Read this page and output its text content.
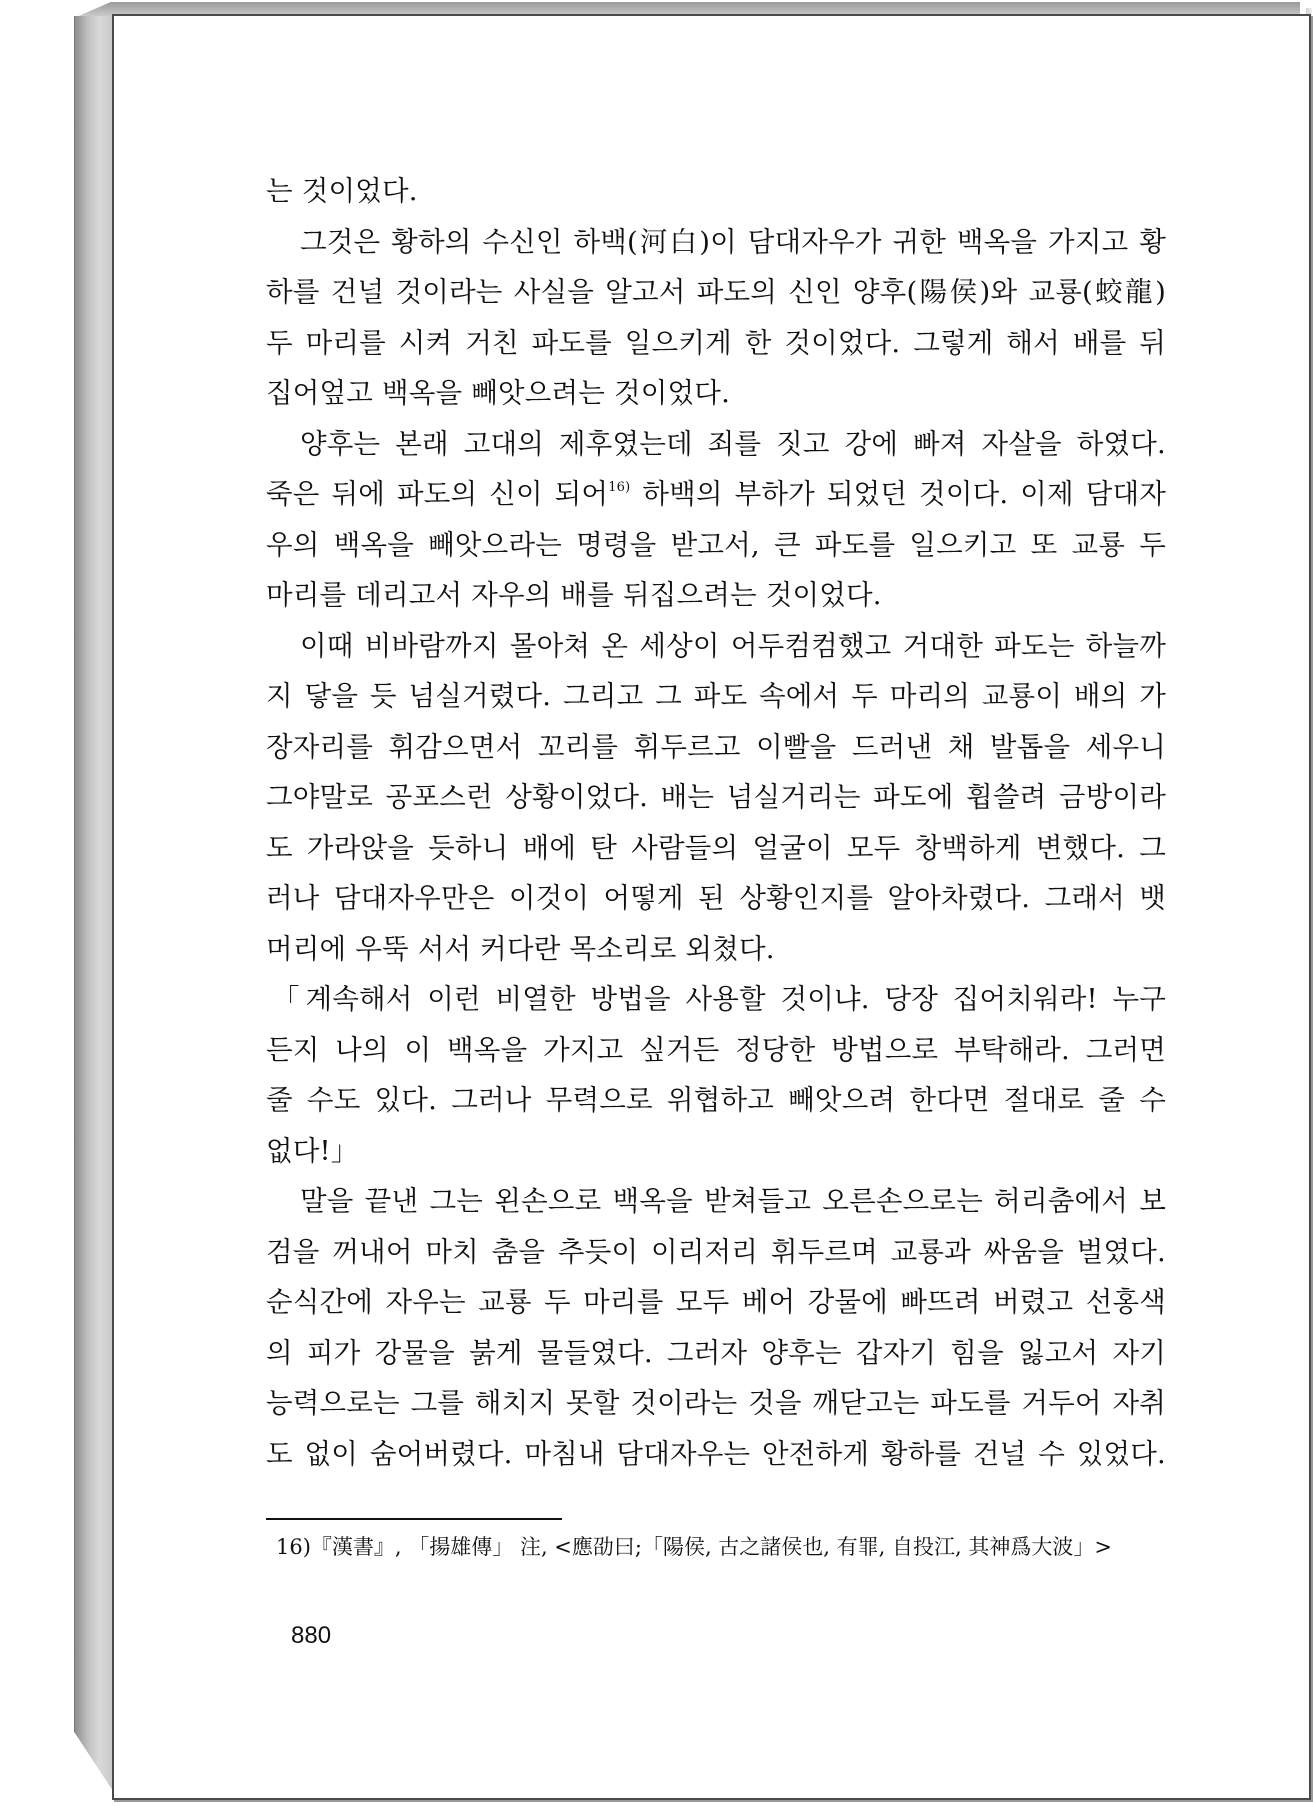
는 것이었다.
그것은 황하의 수신인 하백(河白)이 담대자우가 귀한 백옥을 가지고 황
하를 건널 것이라는 사실을 알고서 파도의 신인 양후(陽侯)와 교룡(蛟龍)
두 마리를 시켜 거친 파도를 일으키게 한 것이었다. 그렇게 해서 배를 뒤
집어엎고 백옥을 빼앗으려는 것이었다.
양후는 본래 고대의 제후였는데 죄를 짓고 강에 빠져 자살을 하였다.
죽은 뒤에 파도의 신이 되어$^{16)}$ 하백의 부하가 되었던 것이다. 이제 담대자
우의 백옥을 빼앗으라는 명령을 받고서, 큰 파도를 일으키고 또 교룡 두
마리를 데리고서 자우의 배를 뒤집으려는 것이었다.
이때 비바람까지 몰아쳐 온 세상이 어두컴컴했고 거대한 파도는 하늘까
지 닿을 듯 넘실거렸다. 그리고 그 파도 속에서 두 마리의 교룡이 배의 가
장자리를 휘감으면서 꼬리를 휘두르고 이빨을 드러낸 채 발톱을 세우니
그야말로 공포스런 상황이었다. 배는 넘실거리는 파도에 휩쓸려 금방이라
도 가라앉을 듯하니 배에 탄 사람들의 얼굴이 모두 창백하게 변했다. 그
러나 담대자우만은 이것이 어떻게 된 상황인지를 알아차렸다. 그래서 뱃
머리에 우뚝 서서 커다란 목소리로 외쳤다.
「계속해서 이런 비열한 방법을 사용할 것이냐. 당장 집어치워라! 누구
든지 나의 이 백옥을 가지고 싶거든 정당한 방법으로 부탁해라. 그러면
줄 수도 있다. 그러나 무력으로 위협하고 빼앗으려 한다면 절대로 줄 수
없다!」
말을 끝낸 그는 왼손으로 백옥을 받쳐들고 오른손으로는 허리춤에서 보
검을 꺼내어 마치 춤을 추듯이 이리저리 휘두르며 교룡과 싸움을 벌였다.
순식간에 자우는 교룡 두 마리를 모두 베어 강물에 빠뜨려 버렸고 선홍색
의 피가 강물을 붉게 물들였다. 그러자 양후는 갑자기 힘을 잃고서 자기
능력으로는 그를 해치지 못할 것이라는 것을 깨닫고는 파도를 거두어 자취
도 없이 숨어버렸다. 마침내 담대자우는 안전하게 황하를 건널 수 있었다.
16)『漢書』, 「揚雄傳」 注, <應劭曰;「陽侯, 古之諸侯也, 有罪, 自投江, 其神爲大波」>
880
